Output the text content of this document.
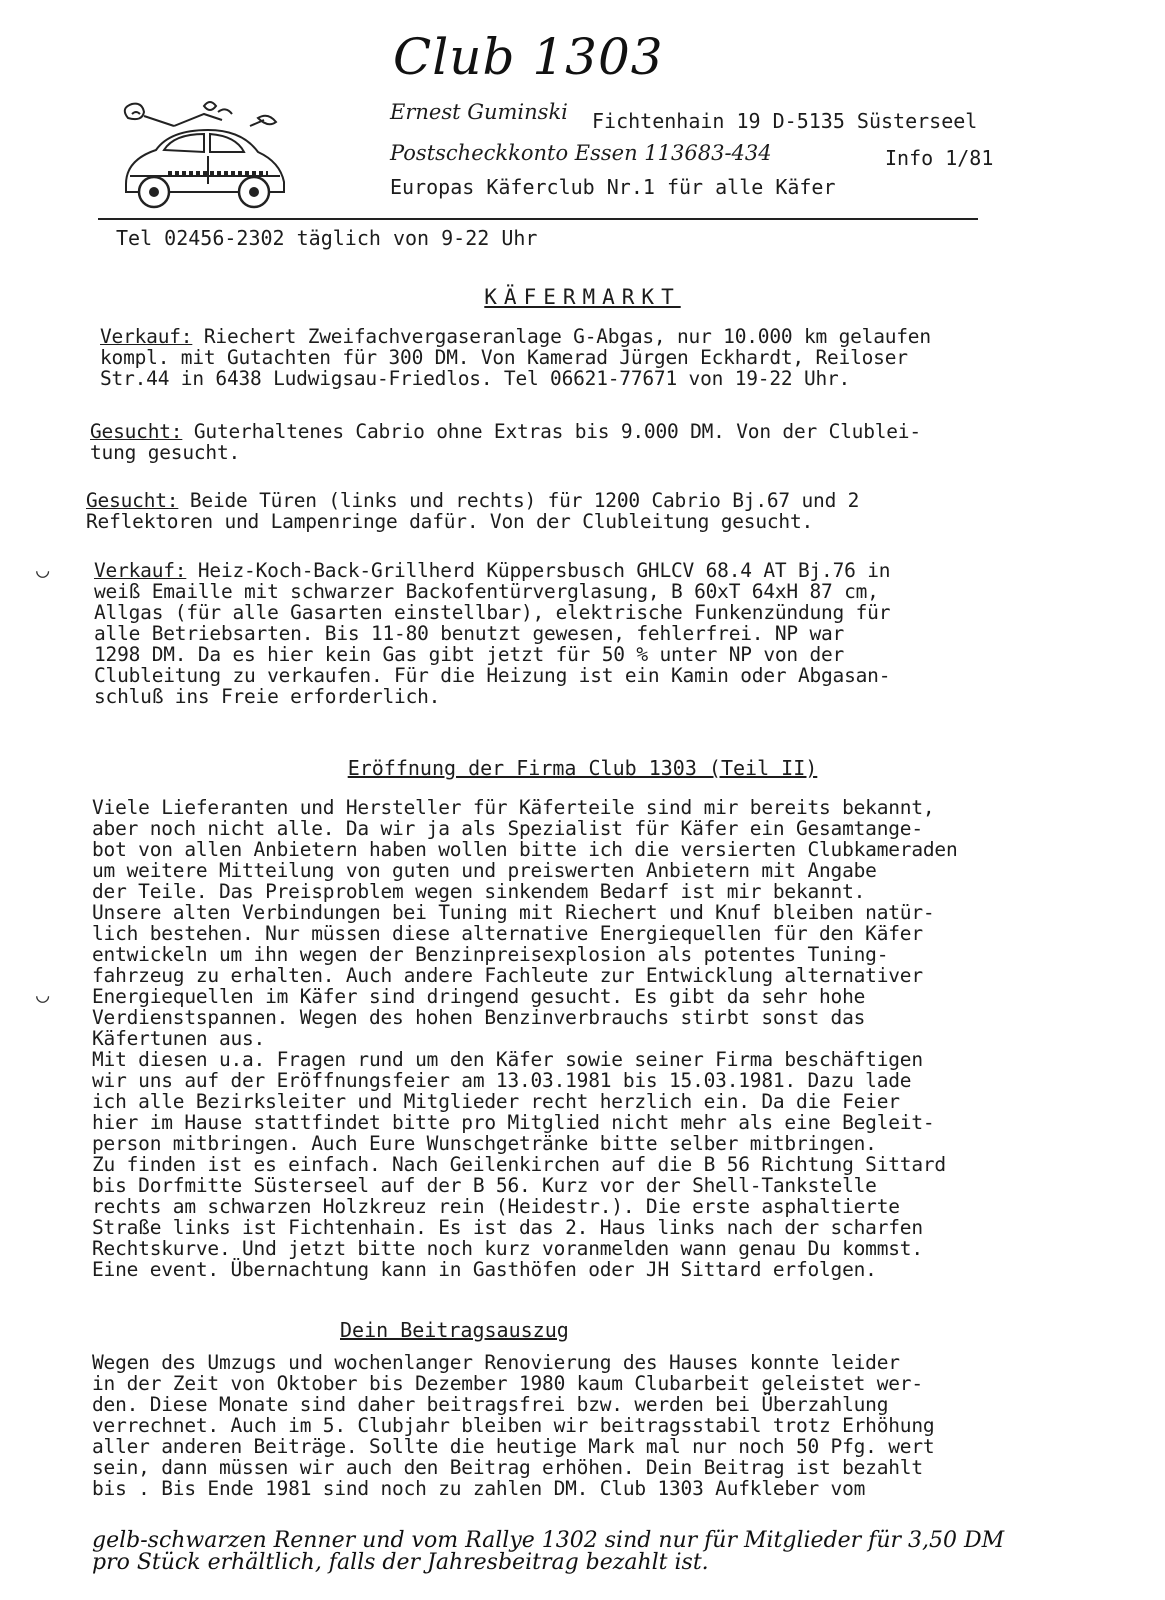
Club 1303
Ernest Guminski Fichtenhain 19 D-5135 Süsterseel
Postscheckkonto Essen 113683-434	Info 1/81
Europas Käferclub Nr.1 für alle Käfer
Tel 02456-2302 täglich von 9-22 Uhr
KÄFERMARKT
Verkauf: Riechert Zweifachvergaseranlage G-Abgas, nur 10.000 km gelaufen
kompl. mit Gutachten für 300 DM. Von Kamerad Jürgen Eckhardt, Reiloser
Str.44 in 6438 Ludwigsau-Friedlos. Tel 06621-77671 von 19-22 Uhr.
Gesucht: Guterhaltenes Cabrio ohne Extras bis 9.000 DM. Von der Clublei-
tung gesucht.
Gesucht: Beide Türen (links und rechts) für 1200 Cabrio Bj.67 und 2
Reflektoren und Lampenringe dafür. Von der Clubleitung gesucht.
Verkauf: Heiz-Koch-Back-Grillherd Küppersbusch GHLCV 68.4 AT Bj.76 in
weiß Emaille mit schwarzer Backofentürverglasung, B 60xT 64xH 87 cm,
Allgas (für alle Gasarten einstellbar), elektrische Funkenzündung für
alle Betriebsarten. Bis 11-80 benutzt gewesen, fehlerfrei. NP war
1298 DM. Da es hier kein Gas gibt jetzt für 50 % unter NP von der
Clubleitung zu verkaufen. Für die Heizung ist ein Kamin oder Abgasan-
schluß ins Freie erforderlich.
Eröffnung der Firma Club 1303 (Teil II)
Viele Lieferanten und Hersteller für Käferteile sind mir bereits bekannt,
aber noch nicht alle. Da wir ja als Spezialist für Käfer ein Gesamtange-
bot von allen Anbietern haben wollen bitte ich die versierten Clubkameraden
um weitere Mitteilung von guten und preiswerten Anbietern mit Angabe
der Teile. Das Preisproblem wegen sinkendem Bedarf ist mir bekannt.
Unsere alten Verbindungen bei Tuning mit Riechert und Knuf bleiben natür-
lich bestehen. Nur müssen diese alternative Energiequellen für den Käfer
entwickeln um ihn wegen der Benzinpreisexplosion als potentes Tuning-
fahrzeug zu erhalten. Auch andere Fachleute zur Entwicklung alternativer
Energiequellen im Käfer sind dringend gesucht. Es gibt da sehr hohe
Verdienstspannen. Wegen des hohen Benzinverbrauchs stirbt sonst das
Käfertunen aus.
Mit diesen u.a. Fragen rund um den Käfer sowie seiner Firma beschäftigen
wir uns auf der Eröffnungsfeier am 13.03.1981 bis 15.03.1981. Dazu lade
ich alle Bezirksleiter und Mitglieder recht herzlich ein. Da die Feier
hier im Hause stattfindet bitte pro Mitglied nicht mehr als eine Begleit-
person mitbringen. Auch Eure Wunschgetränke bitte selber mitbringen.
Zu finden ist es einfach. Nach Geilenkirchen auf die B 56 Richtung Sittard
bis Dorfmitte Süsterseel auf der B 56. Kurz vor der Shell-Tankstelle
rechts am schwarzen Holzkreuz rein (Heidestr.). Die erste asphaltierte
Straße links ist Fichtenhain. Es ist das 2. Haus links nach der scharfen
Rechtskurve. Und jetzt bitte noch kurz voranmelden wann genau Du kommst.
Eine event. Übernachtung kann in Gasthöfen oder JH Sittard erfolgen.
Dein Beitragsauszug
Wegen des Umzugs und wochenlanger Renovierung des Hauses konnte leider
in der Zeit von Oktober bis Dezember 1980 kaum Clubarbeit geleistet wer-
den. Diese Monate sind daher beitragsfrei bzw. werden bei Überzahlung
verrechnet. Auch im 5. Clubjahr bleiben wir beitragsstabil trotz Erhöhung
aller anderen Beiträge. Sollte die heutige Mark mal nur noch 50 Pfg. wert
sein, dann müssen wir auch den Beitrag erhöhen. Dein Beitrag ist bezahlt
bis . Bis Ende 1981 sind noch zu zahlen DM. Club 1303 Aufkleber vom
gelb-schwarzen Renner und vom Rallye 1302 sind nur für Mitglieder für 3,50 DM
pro Stück erhältlich, falls der Jahresbeitrag bezahlt ist.
◡
◡
